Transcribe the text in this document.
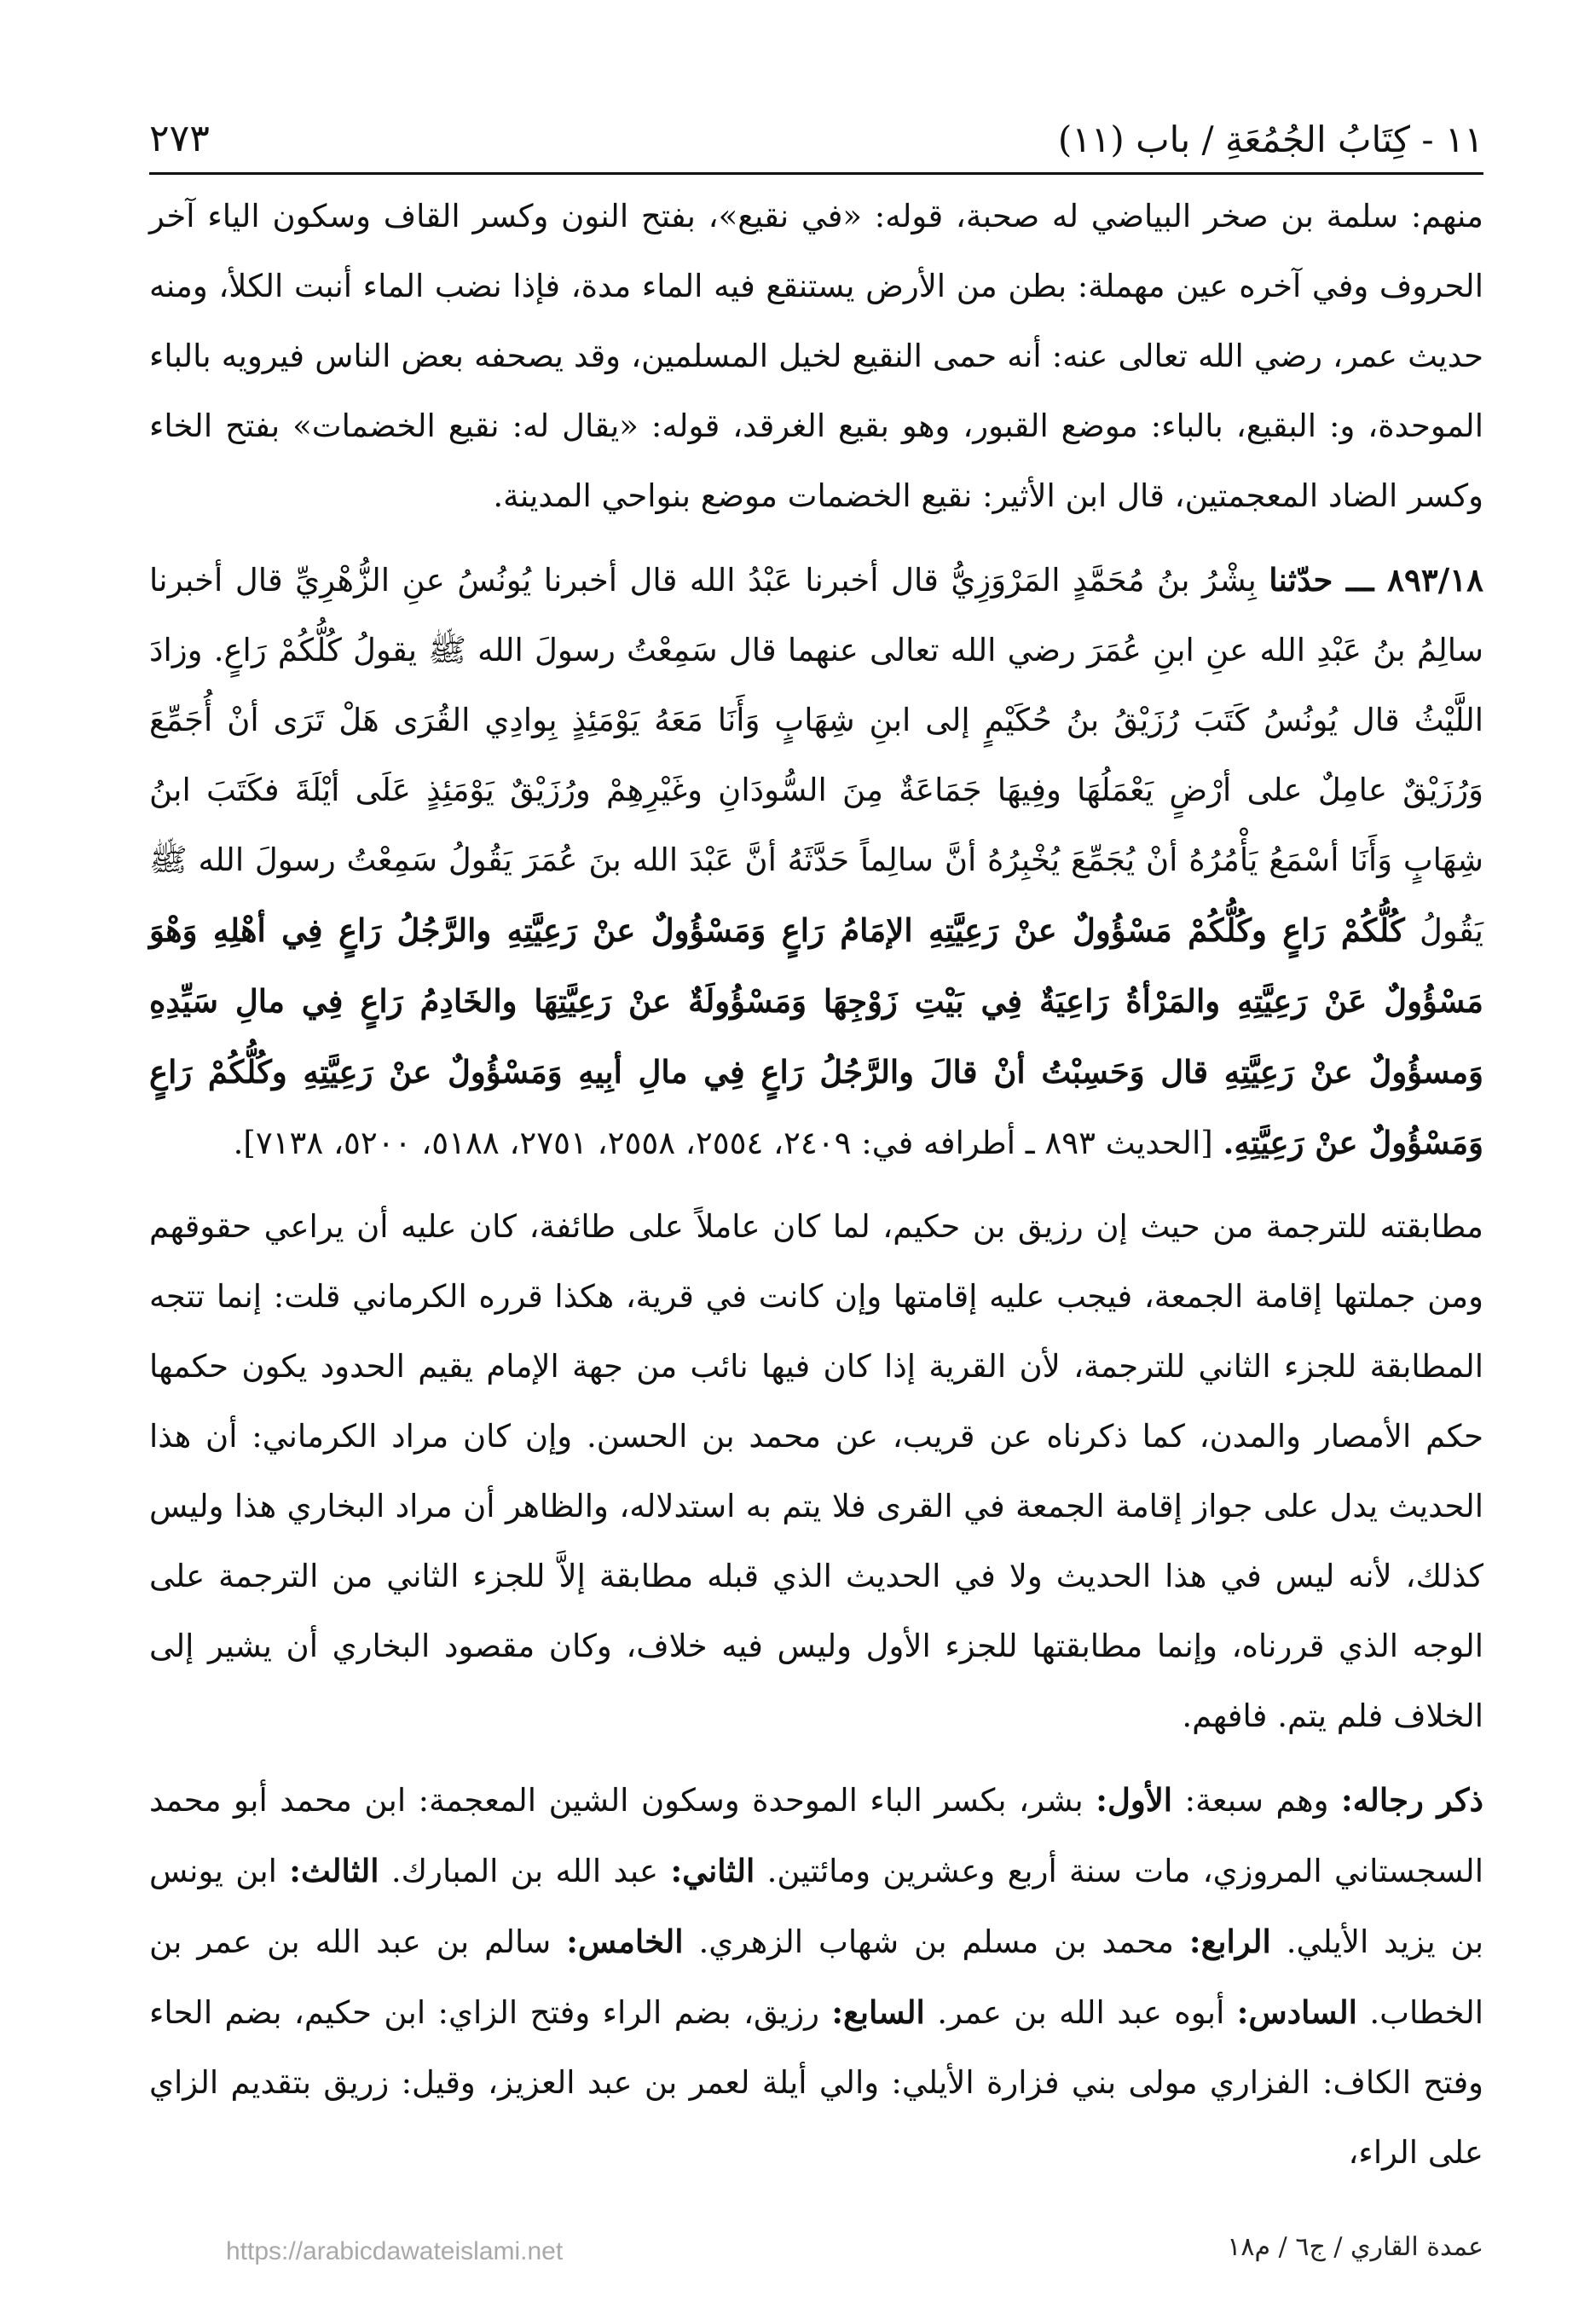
١١ - كِتَابُ الجُمُعَةِ / باب (١١)
٢٧٣

منهم: سلمة بن صخر البياضي له صحبة، قوله: «في نقيع»، بفتح النون وكسر القاف وسكون الياء آخر الحروف وفي آخره عين مهملة: بطن من الأرض يستنقع فيه الماء مدة، فإذا نضب الماء أنبت الكلأ، ومنه حديث عمر، رضي الله تعالى عنه: أنه حمى النقيع لخيل المسلمين، وقد يصحفه بعض الناس فيرويه بالباء الموحدة، و: البقيع، بالباء: موضع القبور، وهو بقيع الغرقد، قوله: «يقال له: نقيع الخضمات» بفتح الخاء وكسر الضاد المعجمتين، قال ابن الأثير: نقيع الخضمات موضع بنواحي المدينة.

٨٩٣/١٨ ـــ حدّثنا بِشْرُ بنُ مُحَمَّدٍ المَرْوَزِيُّ قال أخبرنا عَبْدُ الله قال أخبرنا يُونُسُ عنِ الزُّهْرِيِّ قال أخبرنا سالِمُ بنُ عَبْدِ الله عنِ ابنِ عُمَرَ رضي الله تعالى عنهما قال سَمِعْتُ رسولَ الله ﷺ يقولُ كُلُّكُمْ رَاعٍ. وزادَ اللَّيْثُ قال يُونُسُ كَتَبَ رُزَيْقُ بنُ حُكَيْمٍ إلى ابنِ شِهَابٍ وَأَنَا مَعَهُ يَوْمَئِذٍ بِوادِي القُرَى هَلْ تَرَى أنْ أُجَمِّعَ وَرُزَيْقٌ عامِلٌ على أرْضٍ يَعْمَلُهَا وفِيهَا جَمَاعَةٌ مِنَ السُّودَانِ وغَيْرِهِمْ ورُزَيْقٌ يَوْمَئِذٍ عَلَى أيْلَةَ فكَتَبَ ابنُ شِهَابٍ وَأَنَا أسْمَعُ يَأْمُرُهُ أنْ يُجَمِّعَ يُخْبِرُهُ أنَّ سالِماً حَدَّثَهُ أنَّ عَبْدَ الله بنَ عُمَرَ يَقُولُ سَمِعْتُ رسولَ الله ﷺ يَقُولُ كُلُّكُمْ رَاعٍ وكُلُّكُمْ مَسْؤُولٌ عنْ رَعِيَّتِهِ الإمَامُ رَاعٍ وَمَسْؤُولٌ عنْ رَعِيَّتِهِ والرَّجُلُ رَاعٍ فِي أهْلِهِ وَهْوَ مَسْؤُولٌ عَنْ رَعِيَّتِهِ والمَرْأةُ رَاعِيَةٌ فِي بَيْتِ زَوْجِهَا وَمَسْؤُولَةٌ عنْ رَعِيَّتِهَا والخَادِمُ رَاعٍ فِي مالِ سَيِّدِهِ وَمسؤُولٌ عنْ رَعِيَّتِهِ قال وَحَسِبْتُ أنْ قالَ والرَّجُلُ رَاعٍ فِي مالِ أبِيهِ وَمَسْؤُولٌ عنْ رَعِيَّتِهِ وكُلُّكُمْ رَاعٍ وَمَسْؤُولٌ عنْ رَعِيَّتِهِ. [الحديث ٨٩٣ ـ أطرافه في: ٢٤٠٩، ٢٥٥٤، ٢٥٥٨، ٢٧٥١، ٥١٨٨، ٥٢٠٠، ٧١٣٨].

مطابقته للترجمة من حيث إن رزيق بن حكيم، لما كان عاملاً على طائفة، كان عليه أن يراعي حقوقهم ومن جملتها إقامة الجمعة، فيجب عليه إقامتها وإن كانت في قرية، هكذا قرره الكرماني قلت: إنما تتجه المطابقة للجزء الثاني للترجمة، لأن القرية إذا كان فيها نائب من جهة الإمام يقيم الحدود يكون حكمها حكم الأمصار والمدن، كما ذكرناه عن قريب، عن محمد بن الحسن. وإن كان مراد الكرماني: أن هذا الحديث يدل على جواز إقامة الجمعة في القرى فلا يتم به استدلاله، والظاهر أن مراد البخاري هذا وليس كذلك، لأنه ليس في هذا الحديث ولا في الحديث الذي قبله مطابقة إلاَّ للجزء الثاني من الترجمة على الوجه الذي قررناه، وإنما مطابقتها للجزء الأول وليس فيه خلاف، وكان مقصود البخاري أن يشير إلى الخلاف فلم يتم. فافهم.

ذكر رجاله: وهم سبعة: الأول: بشر، بكسر الباء الموحدة وسكون الشين المعجمة: ابن محمد أبو محمد السجستاني المروزي، مات سنة أربع وعشرين ومائتين. الثاني: عبد الله بن المبارك. الثالث: ابن يونس بن يزيد الأيلي. الرابع: محمد بن مسلم بن شهاب الزهري. الخامس: سالم بن عبد الله بن عمر بن الخطاب. السادس: أبوه عبد الله بن عمر. السابع: رزيق، بضم الراء وفتح الزاي: ابن حكيم، بضم الحاء وفتح الكاف: الفزاري مولى بني فزارة الأيلي: والي أيلة لعمر بن عبد العزيز، وقيل: زريق بتقديم الزاي على الراء،

عمدة القاري / ج٦ / م١٨
https://arabicdawateislami.net
